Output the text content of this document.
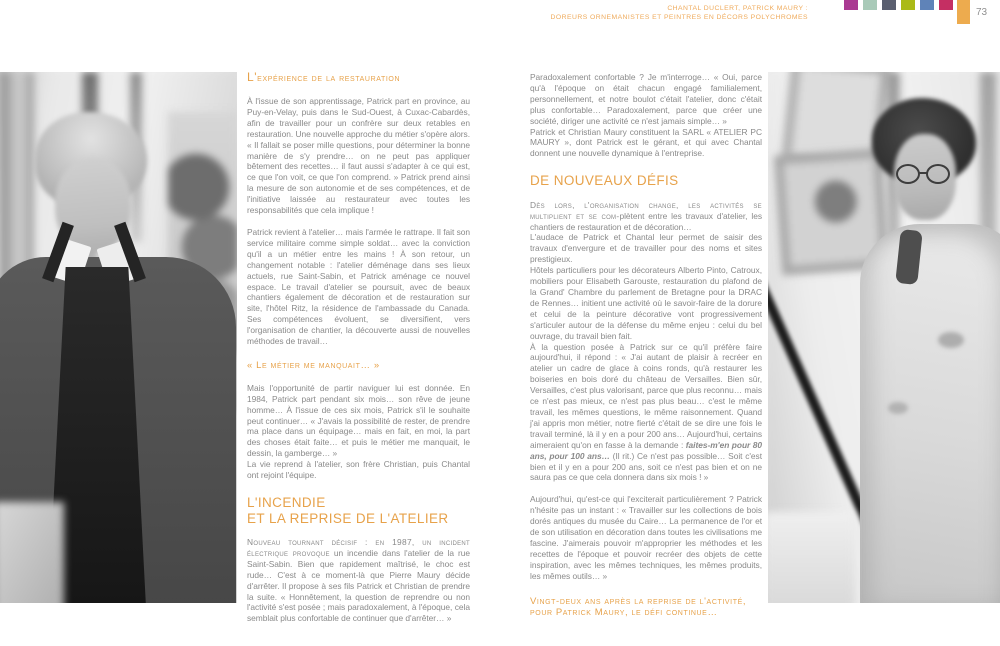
CHANTAL DUCLERT, PATRICK MAURY :
DOREURS ORNEMANISTES ET PEINTRES EN DÉCORS POLYCHROMES	73
L'expérience de la restauration

À l'issue de son apprentissage, Patrick part en province, au Puy-en-Velay, puis dans le Sud-Ouest, à Cuxac-Cabardès, afin de travailler pour un confrère sur deux retables en restauration. Une nouvelle approche du métier s'opère alors. « Il fallait se poser mille questions, pour déterminer la bonne manière de s'y prendre… on ne peut pas appliquer bêtement des recettes… il faut aussi s'adapter à ce qui est, ce que l'on voit, ce que l'on comprend. » Patrick prend ainsi la mesure de son autonomie et de ses compétences, et de l'initiative laissée au restaurateur avec toutes les responsabilités que cela implique !

Patrick revient à l'atelier… mais l'armée le rattrape. Il fait son service militaire comme simple soldat… avec la conviction qu'il a un métier entre les mains ! À son retour, un changement notable : l'atelier déménage dans ses lieux actuels, rue Saint-Sabin, et Patrick aménage ce nouvel espace. Le travail d'atelier se poursuit, avec de beaux chantiers également de décoration et de restauration sur site, l'hôtel Ritz, la résidence de l'ambassade du Canada. Ses compétences évoluent, se diversifient, vers l'organisation de chantier, la découverte aussi de nouvelles méthodes de travail…

« Le métier me manquait… »

Mais l'opportunité de partir naviguer lui est donnée. En 1984, Patrick part pendant six mois… son rêve de jeune homme… À l'issue de ces six mois, Patrick s'il le souhaite peut continuer… « J'avais la possibilité de rester, de prendre ma place dans un équipage… mais en fait, en moi, la part des choses était faite… et puis le métier me manquait, le dessin, la gamberge… »

La vie reprend à l'atelier, son frère Christian, puis Chantal ont rejoint l'équipe.

L'INCENDIE
ET LA REPRISE DE L'ATELIER

Nouveau tournant décisif : en 1987, un incident électrique provoque un incendie dans l'atelier de la rue Saint-Sabin. Bien que rapidement maîtrisé, le choc est rude… C'est à ce moment-là que Pierre Maury décide d'arrêter. Il propose à ses fils Patrick et Christian de prendre la suite. « Honnêtement, la question de reprendre ou non l'activité s'est posée ; mais paradoxalement, à l'époque, cela semblait plus confortable de continuer que d'arrêter… »

Paradoxalement confortable ? Je m'interroge… « Oui, parce qu'à l'époque on était chacun engagé familialement, personnellement, et notre boulot c'était l'atelier, donc c'était plus confortable… Paradoxalement, parce que créer une société, diriger une activité ce n'est jamais simple… »

Patrick et Christian Maury constituent la SARL « ATELIER PC MAURY », dont Patrick est le gérant, et qui avec Chantal donnent une nouvelle dynamique à l'entreprise.

DE NOUVEAUX DÉFIS

Dès lors, l'organisation change, les activités se multiplient et se com-plètent entre les travaux d'atelier, les chantiers de restauration et de décoration…

L'audace de Patrick et Chantal leur permet de saisir des travaux d'envergure et de travailler pour des noms et sites prestigieux.

Hôtels particuliers pour les décorateurs Alberto Pinto, Catroux, mobiliers pour Elisabeth Garouste, restauration du plafond de la Grand' Chambre du parlement de Bretagne pour la DRAC de Rennes… initient une activité où le savoir-faire de la dorure et celui de la peinture décorative vont progressivement s'articuler autour de la défense du même enjeu : celui du bel ouvrage, du travail bien fait.

À la question posée à Patrick sur ce qu'il préfère faire aujourd'hui, il répond : « J'ai autant de plaisir à recréer en atelier un cadre de glace à coins ronds, qu'à restaurer les boiseries en bois doré du château de Versailles. Bien sûr, Versailles, c'est plus valorisant, parce que plus reconnu… mais ce n'est pas mieux, ce n'est pas plus beau… c'est le même travail, les mêmes questions, le même raisonnement. Quand j'ai appris mon métier, notre fierté c'était de se dire une fois le travail terminé, là il y en a pour 200 ans… Aujourd'hui, certains aimeraient qu'on en fasse à la demande : faites-m'en pour 80 ans, pour 100 ans… (Il rit.) Ce n'est pas possible… Soit c'est bien et il y en a pour 200 ans, soit ce n'est pas bien et on ne saura pas ce que cela donnera dans six mois ! »

Aujourd'hui, qu'est-ce qui l'exciterait particulièrement ? Patrick n'hésite pas un instant : « Travailler sur les collections de bois dorés antiques du musée du Caire… La permanence de l'or et de son utilisation en décoration dans toutes les civilisations me fascine. J'aimerais pouvoir m'approprier les méthodes et les recettes de l'époque et pouvoir recréer des objets de cette inspiration, avec les mêmes techniques, les mêmes produits, les mêmes outils… »

Vingt-deux ans après la reprise de l'activité,
pour Patrick Maury, le défi continue…
